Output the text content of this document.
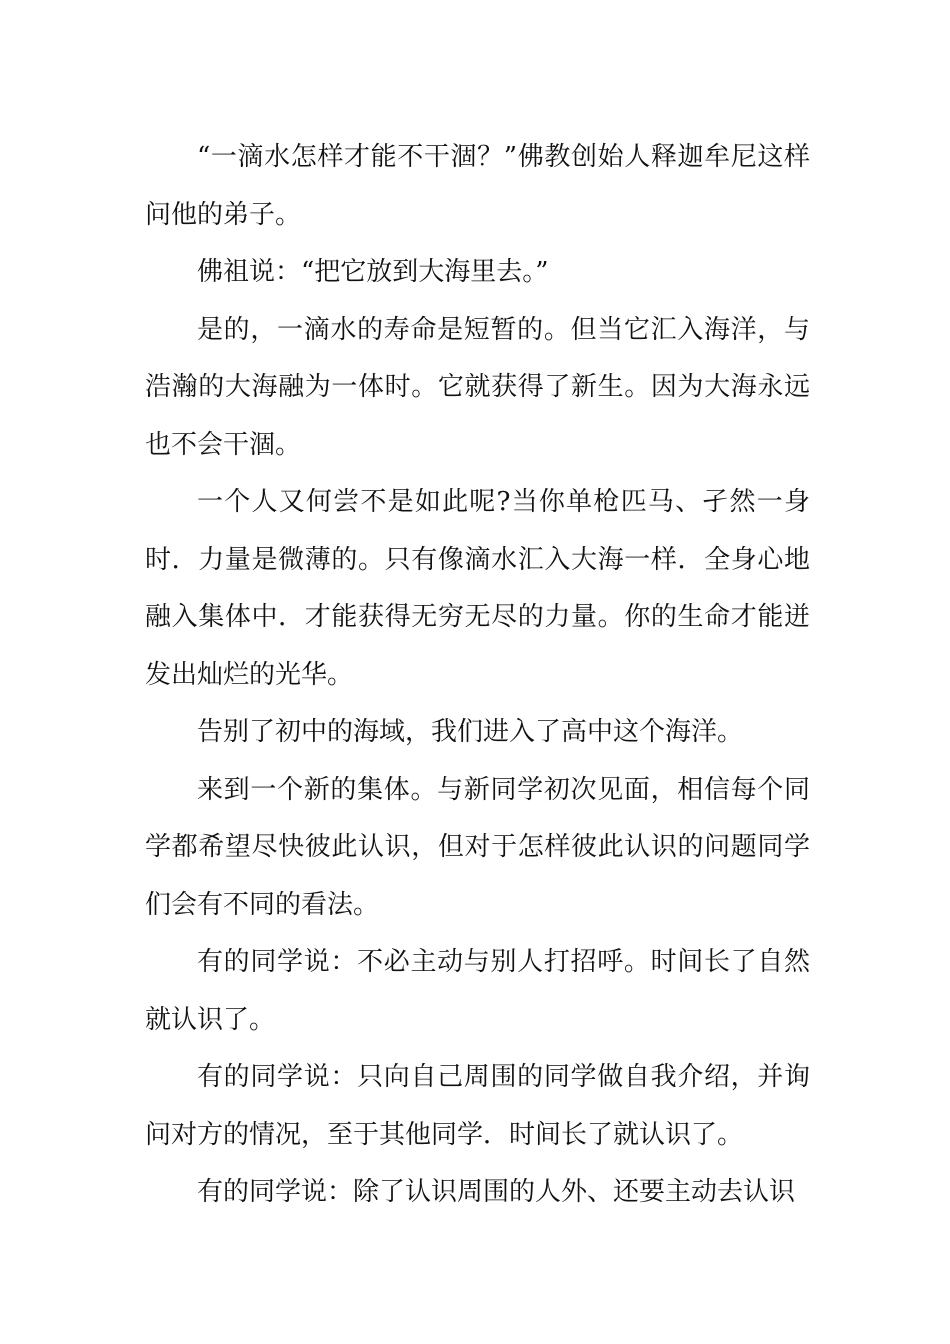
“一滴水怎样才能不干涸？”佛教创始人释迦牟尼这样问他的弟子。

佛祖说：“把它放到大海里去。”

是的，一滴水的寿命是短暂的。但当它汇入海洋，与浩瀚的大海融为一体时。它就获得了新生。因为大海永远也不会干涸。

一个人又何尝不是如此呢?当你单枪匹马、孑然一身时．力量是微薄的。只有像滴水汇入大海一样．全身心地融入集体中．才能获得无穷无尽的力量。你的生命才能迸发出灿烂的光华。

告别了初中的海域，我们进入了高中这个海洋。

来到一个新的集体。与新同学初次见面，相信每个同学都希望尽快彼此认识，但对于怎样彼此认识的问题同学们会有不同的看法。

有的同学说：不必主动与别人打招呼。时间长了自然就认识了。

有的同学说：只向自己周围的同学做自我介绍，并询问对方的情况，至于其他同学．时间长了就认识了。

有的同学说：除了认识周围的人外、还要主动去认识
